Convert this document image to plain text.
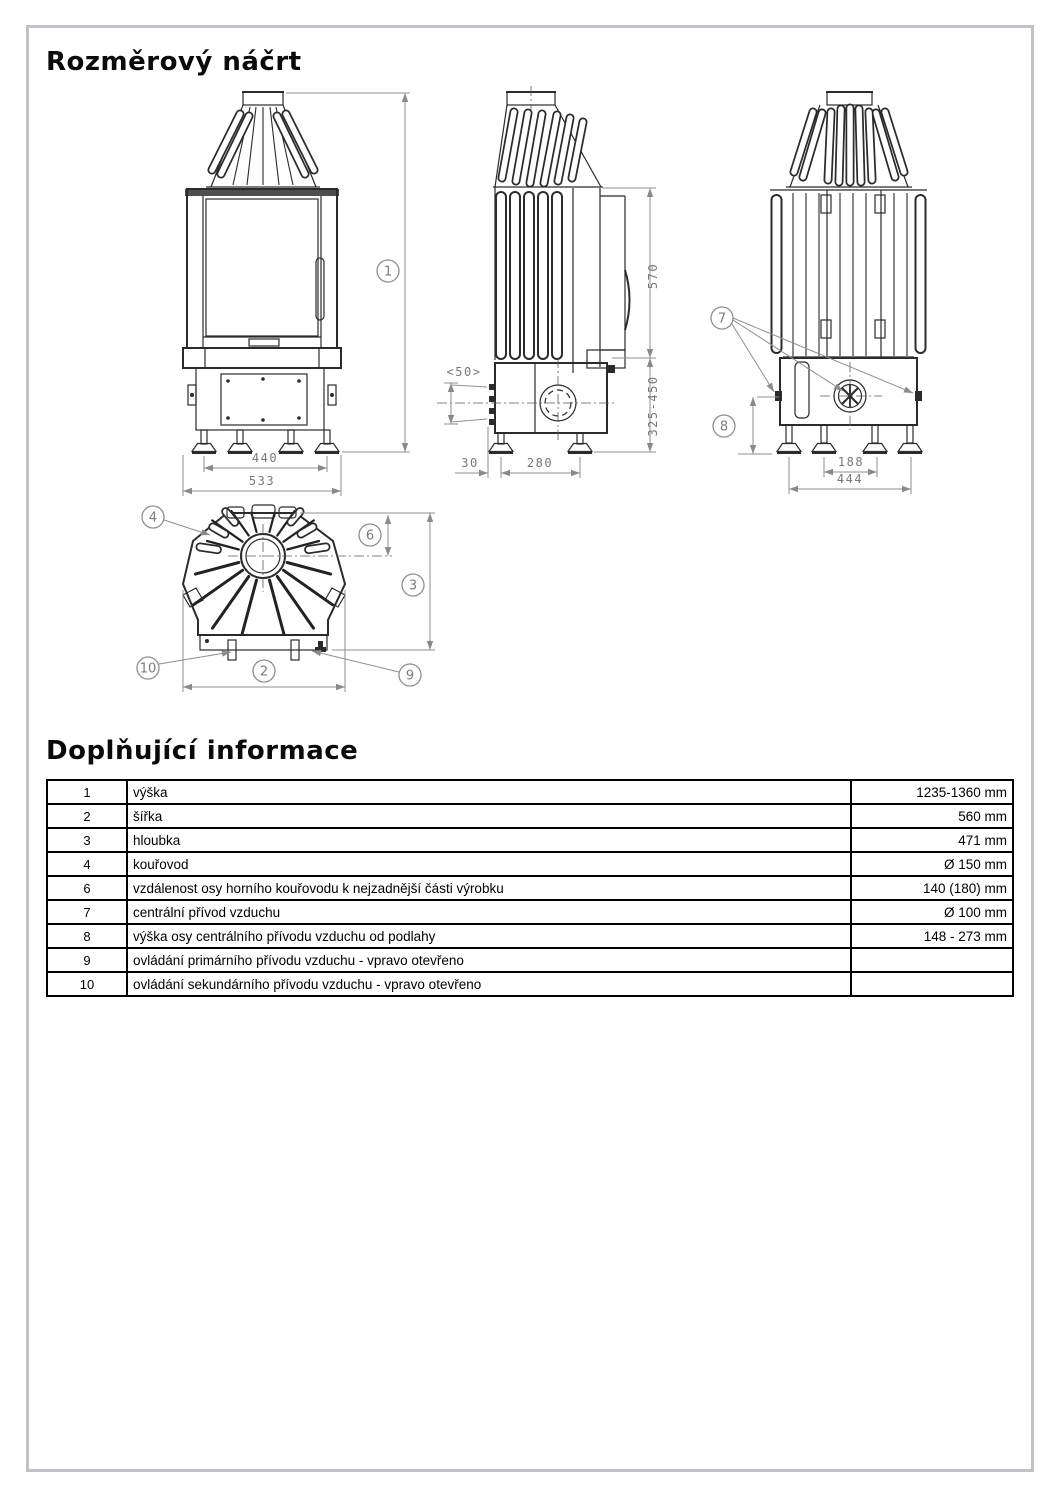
Rozměrový náčrt
Doplňující informace
1
440
533
570
325-450
<50>
30	280
7
8
188
444
4
6
3
2
10	9
1	výška	1235-1360 mm
2	šířka	560 mm
3	hloubka	471 mm
4	kouřovod	Ø 150 mm
6	vzdálenost osy horního kouřovodu k nejzadnější části výrobku	140 (180) mm
7	centrální přívod vzduchu	Ø 100 mm
8	výška osy centrálního přívodu vzduchu od podlahy	148 - 273 mm
9	ovládání primárního přívodu vzduchu - vpravo otevřeno	
10	ovládání sekundárního přívodu vzduchu - vpravo otevřeno	
